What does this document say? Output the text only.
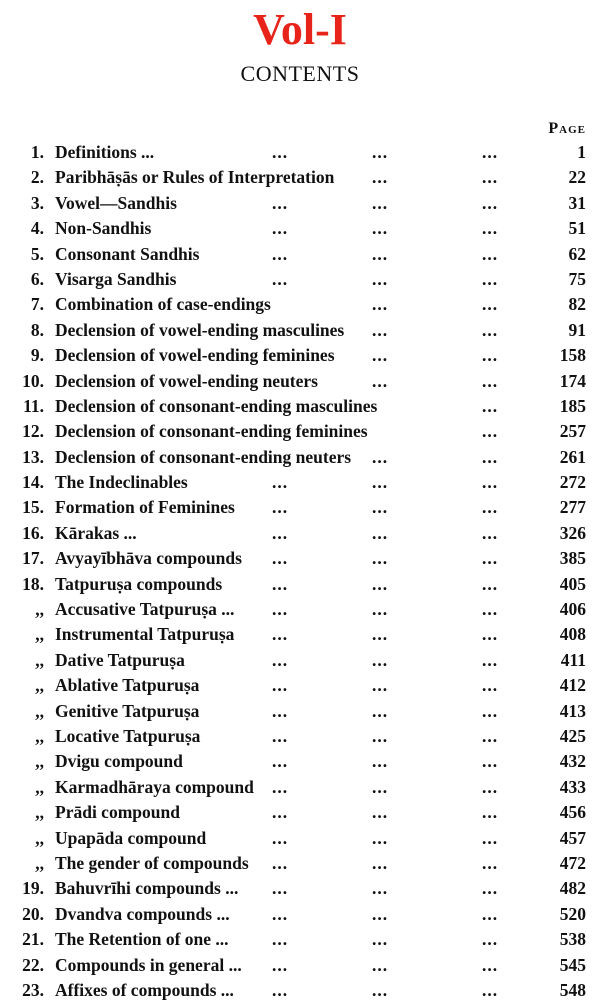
Vol-I
CONTENTS
Page
1. Definitions ...	...	...	...	1
2. Paribhāṣās or Rules of Interpretation ...	...	22
3. Vowel—Sandhis	...	...	...	31
4. Non-Sandhis	...	...	...	51
5. Consonant Sandhis	...	...	...	62
6. Visarga Sandhis	...	...	...	75
7. Combination of case-endings	...	...	82
8. Declension of vowel-ending masculines ...	...	91
9. Declension of vowel-ending feminines ...	...	158
10. Declension of vowel-ending neuters	...	...	174
11. Declension of consonant-ending masculines	...	185
12. Declension of consonant-ending feminines	...	257
13. Declension of consonant-ending neuters ...	...	261
14. The Indeclinables	...	...	...	272
15. Formation of Feminines ...	...	...	277
16. Kārakas ...	...	...	...	326
17. Avyayībhāva compounds ...	...	...	385
18. Tatpuruṣa compounds	...	...	...	405
,, Accusative Tatpuruṣa ... ...	...	...	406
,, Instrumental Tatpuruṣa ...	...	...	408
,, Dative Tatpuruṣa	...	...	...	411
,, Ablative Tatpuruṣa	...	...	...	412
,, Genitive Tatpuruṣa	...	...	...	413
,, Locative Tatpuruṣa	...	...	...	425
,, Dvigu compound	...	...	...	432
,, Karmadhāraya compound ...	...	...	433
,, Prādi compound	...	...	...	456
,, Upapāda compound	...	...	...	457
,, The gender of compounds ...	...	...	472
19. Bahuvrīhi compounds ... ...	...	...	482
20. Dvandva compounds ... ...	...	...	520
21. The Retention of one ... ...	...	...	538
22. Compounds in general ... ...	...	...	545
23. Affixes of compounds ... ...	...	...	548
